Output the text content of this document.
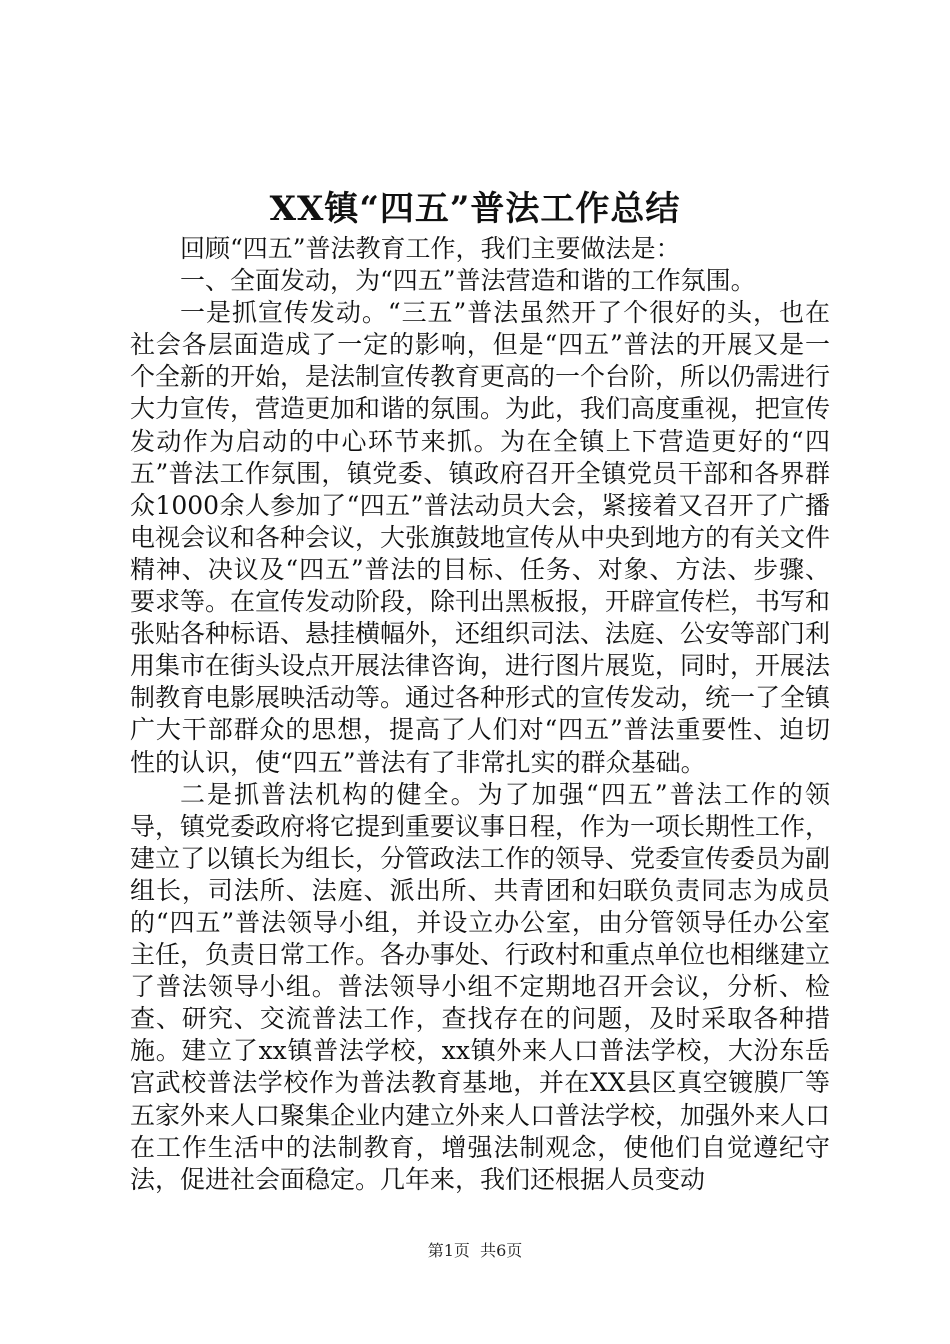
XX镇“四五”普法工作总结

回顾“四五”普法教育工作，我们主要做法是：

一、全面发动，为“四五”普法营造和谐的工作氛围。

一是抓宣传发动。“三五”普法虽然开了个很好的头，也在社会各层面造成了一定的影响，但是“四五”普法的开展又是一个全新的开始，是法制宣传教育更高的一个台阶，所以仍需进行大力宣传，营造更加和谐的氛围。为此，我们高度重视，把宣传发动作为启动的中心环节来抓。为在全镇上下营造更好的“四五”普法工作氛围，镇党委、镇政府召开全镇党员干部和各界群众1000余人参加了“四五”普法动员大会，紧接着又召开了广播电视会议和各种会议，大张旗鼓地宣传从中央到地方的有关文件精神、决议及“四五”普法的目标、任务、对象、方法、步骤、要求等。在宣传发动阶段，除刊出黑板报，开辟宣传栏，书写和张贴各种标语、悬挂横幅外，还组织司法、法庭、公安等部门利用集市在街头设点开展法律咨询，进行图片展览，同时，开展法制教育电影展映活动等。通过各种形式的宣传发动，统一了全镇广大干部群众的思想，提高了人们对“四五”普法重要性、迫切性的认识，使“四五”普法有了非常扎实的群众基础。

二是抓普法机构的健全。为了加强“四五”普法工作的领导，镇党委政府将它提到重要议事日程，作为一项长期性工作，建立了以镇长为组长，分管政法工作的领导、党委宣传委员为副组长，司法所、法庭、派出所、共青团和妇联负责同志为成员的“四五”普法领导小组，并设立办公室，由分管领导任办公室主任，负责日常工作。各办事处、行政村和重点单位也相继建立了普法领导小组。普法领导小组不定期地召开会议，分析、检查、研究、交流普法工作，查找存在的问题，及时采取各种措施。建立了xx镇普法学校，xx镇外来人口普法学校，大汾东岳宫武校普法学校作为普法教育基地，并在XX县区真空镀膜厂等五家外来人口聚集企业内建立外来人口普法学校，加强外来人口在工作生活中的法制教育，增强法制观念，使他们自觉遵纪守法，促进社会面稳定。几年来，我们还根据人员变动

第1页 共6页
